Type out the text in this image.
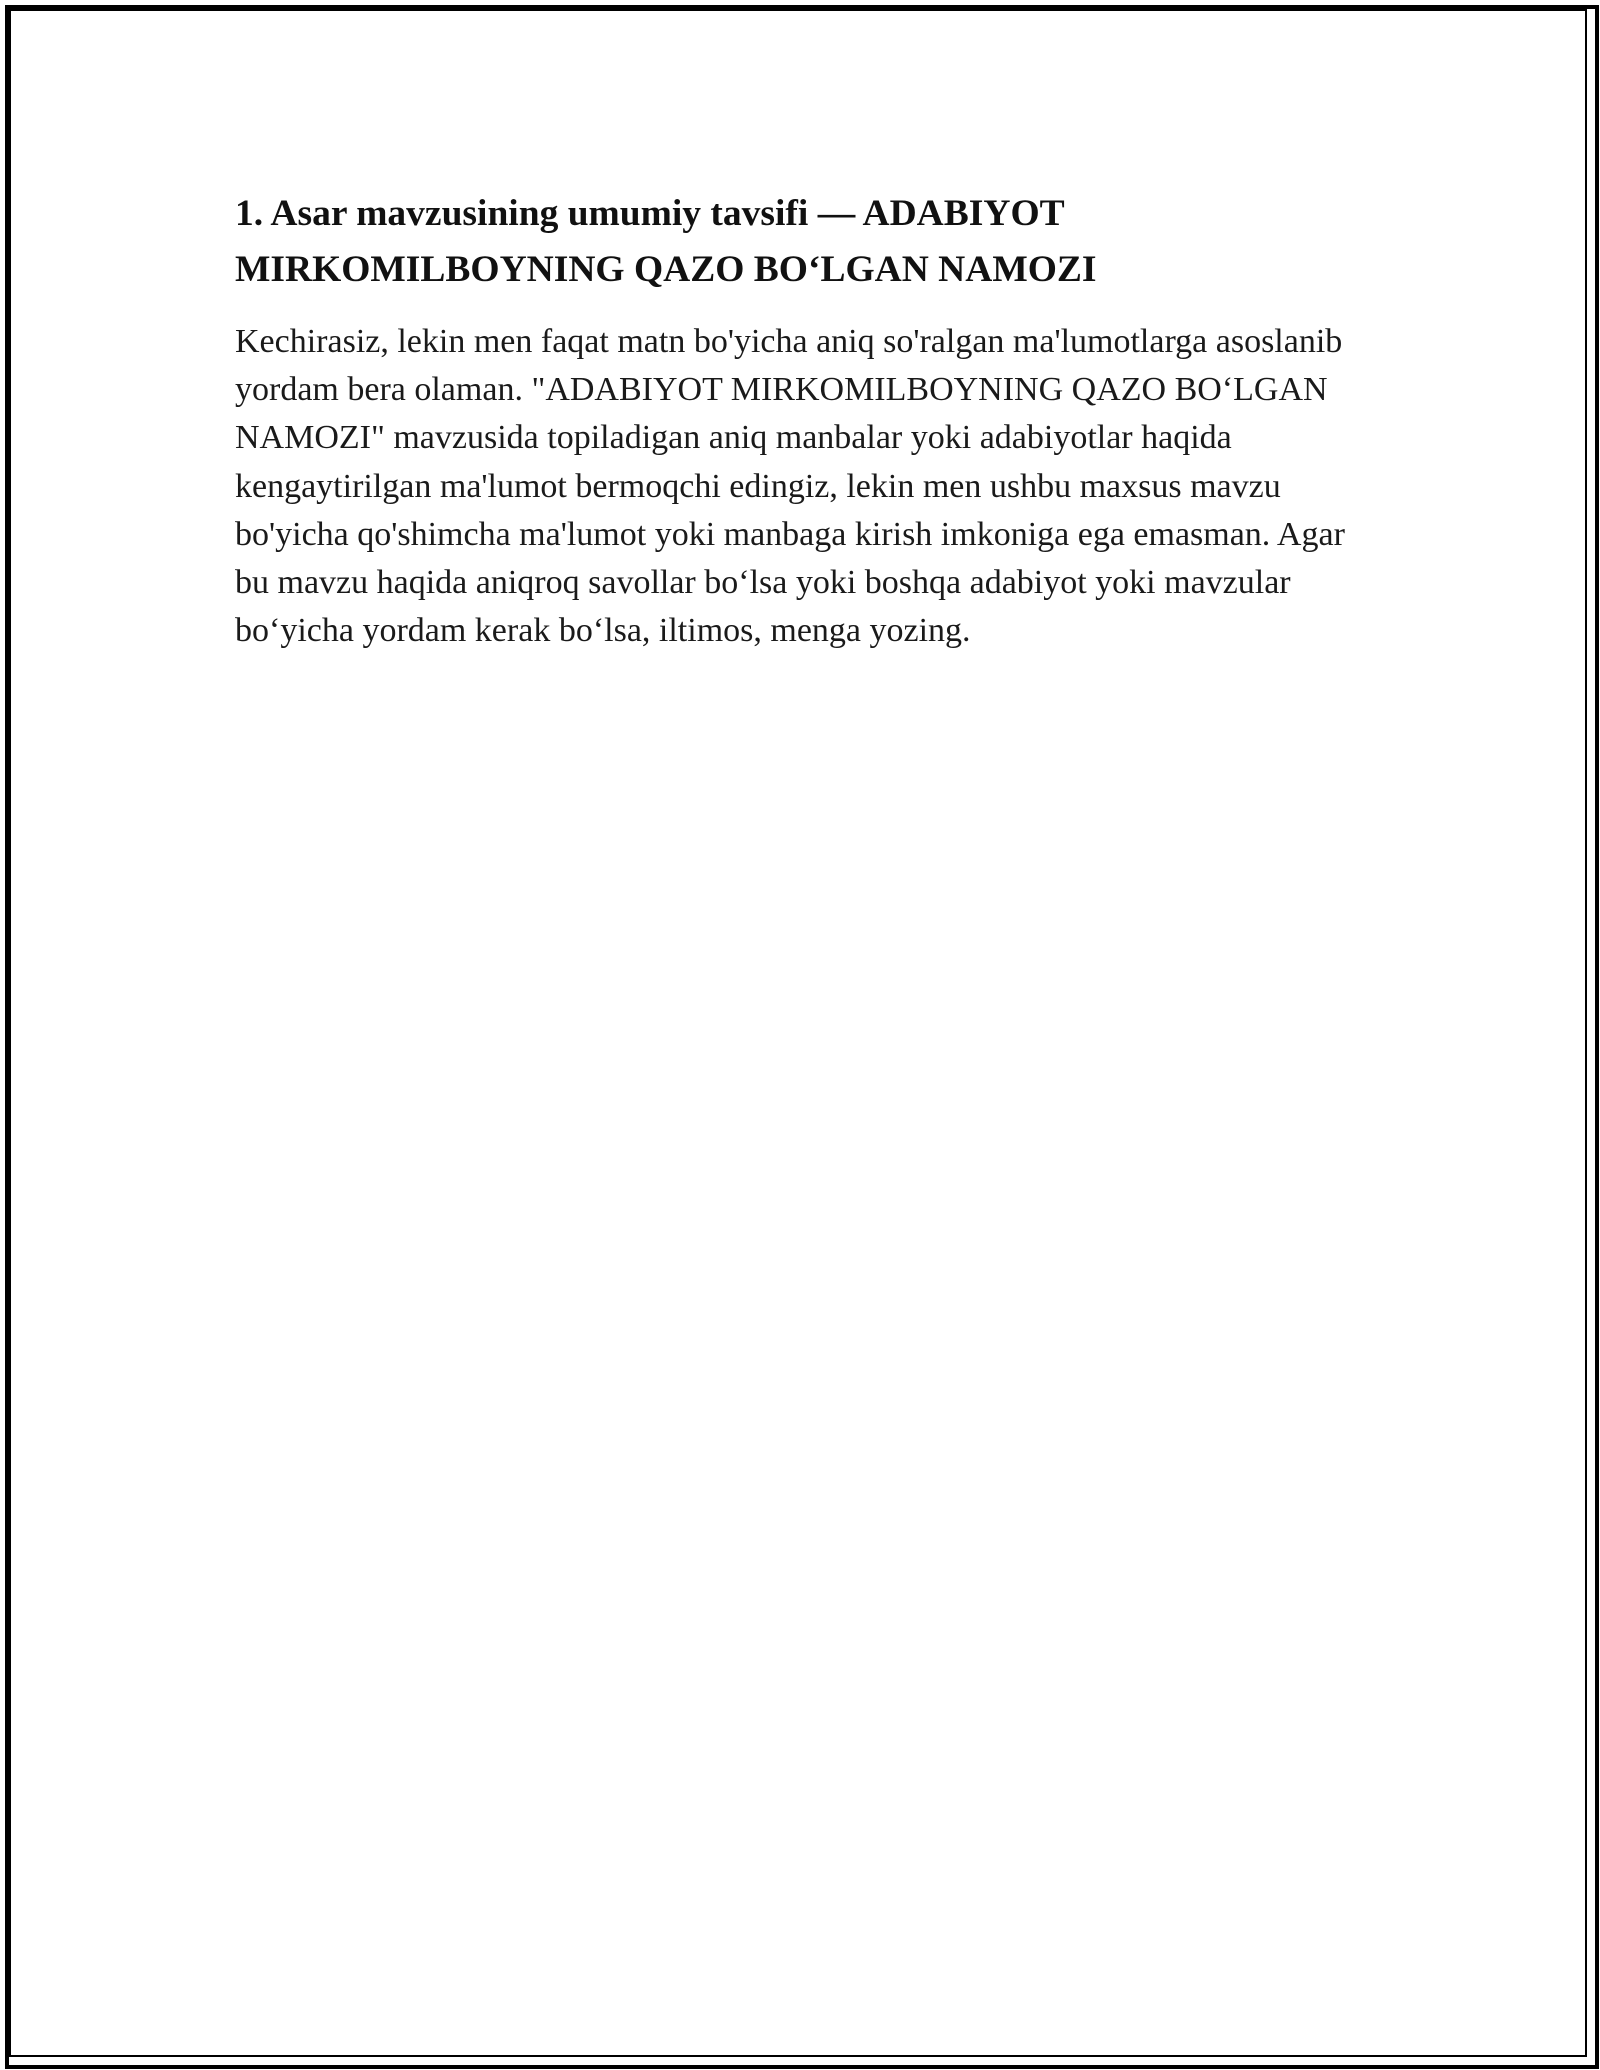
1. Asar mavzusining umumiy tavsifi — ADABIYOT MIRKOMILBOYNING QAZO BO‘LGAN NAMOZI

Kechirasiz, lekin men faqat matn bo'yicha aniq so'ralgan ma'lumotlarga asoslanib yordam bera olaman. "ADABIYOT MIRKOMILBOYNING QAZO BO‘LGAN NAMOZI" mavzusida topiladigan aniq manbalar yoki adabiyotlar haqida kengaytirilgan ma'lumot bermoqchi edingiz, lekin men ushbu maxsus mavzu bo'yicha qo'shimcha ma'lumot yoki manbaga kirish imkoniga ega emasman. Agar bu mavzu haqida aniqroq savollar bo‘lsa yoki boshqa adabiyot yoki mavzular bo‘yicha yordam kerak bo‘lsa, iltimos, menga yozing.
